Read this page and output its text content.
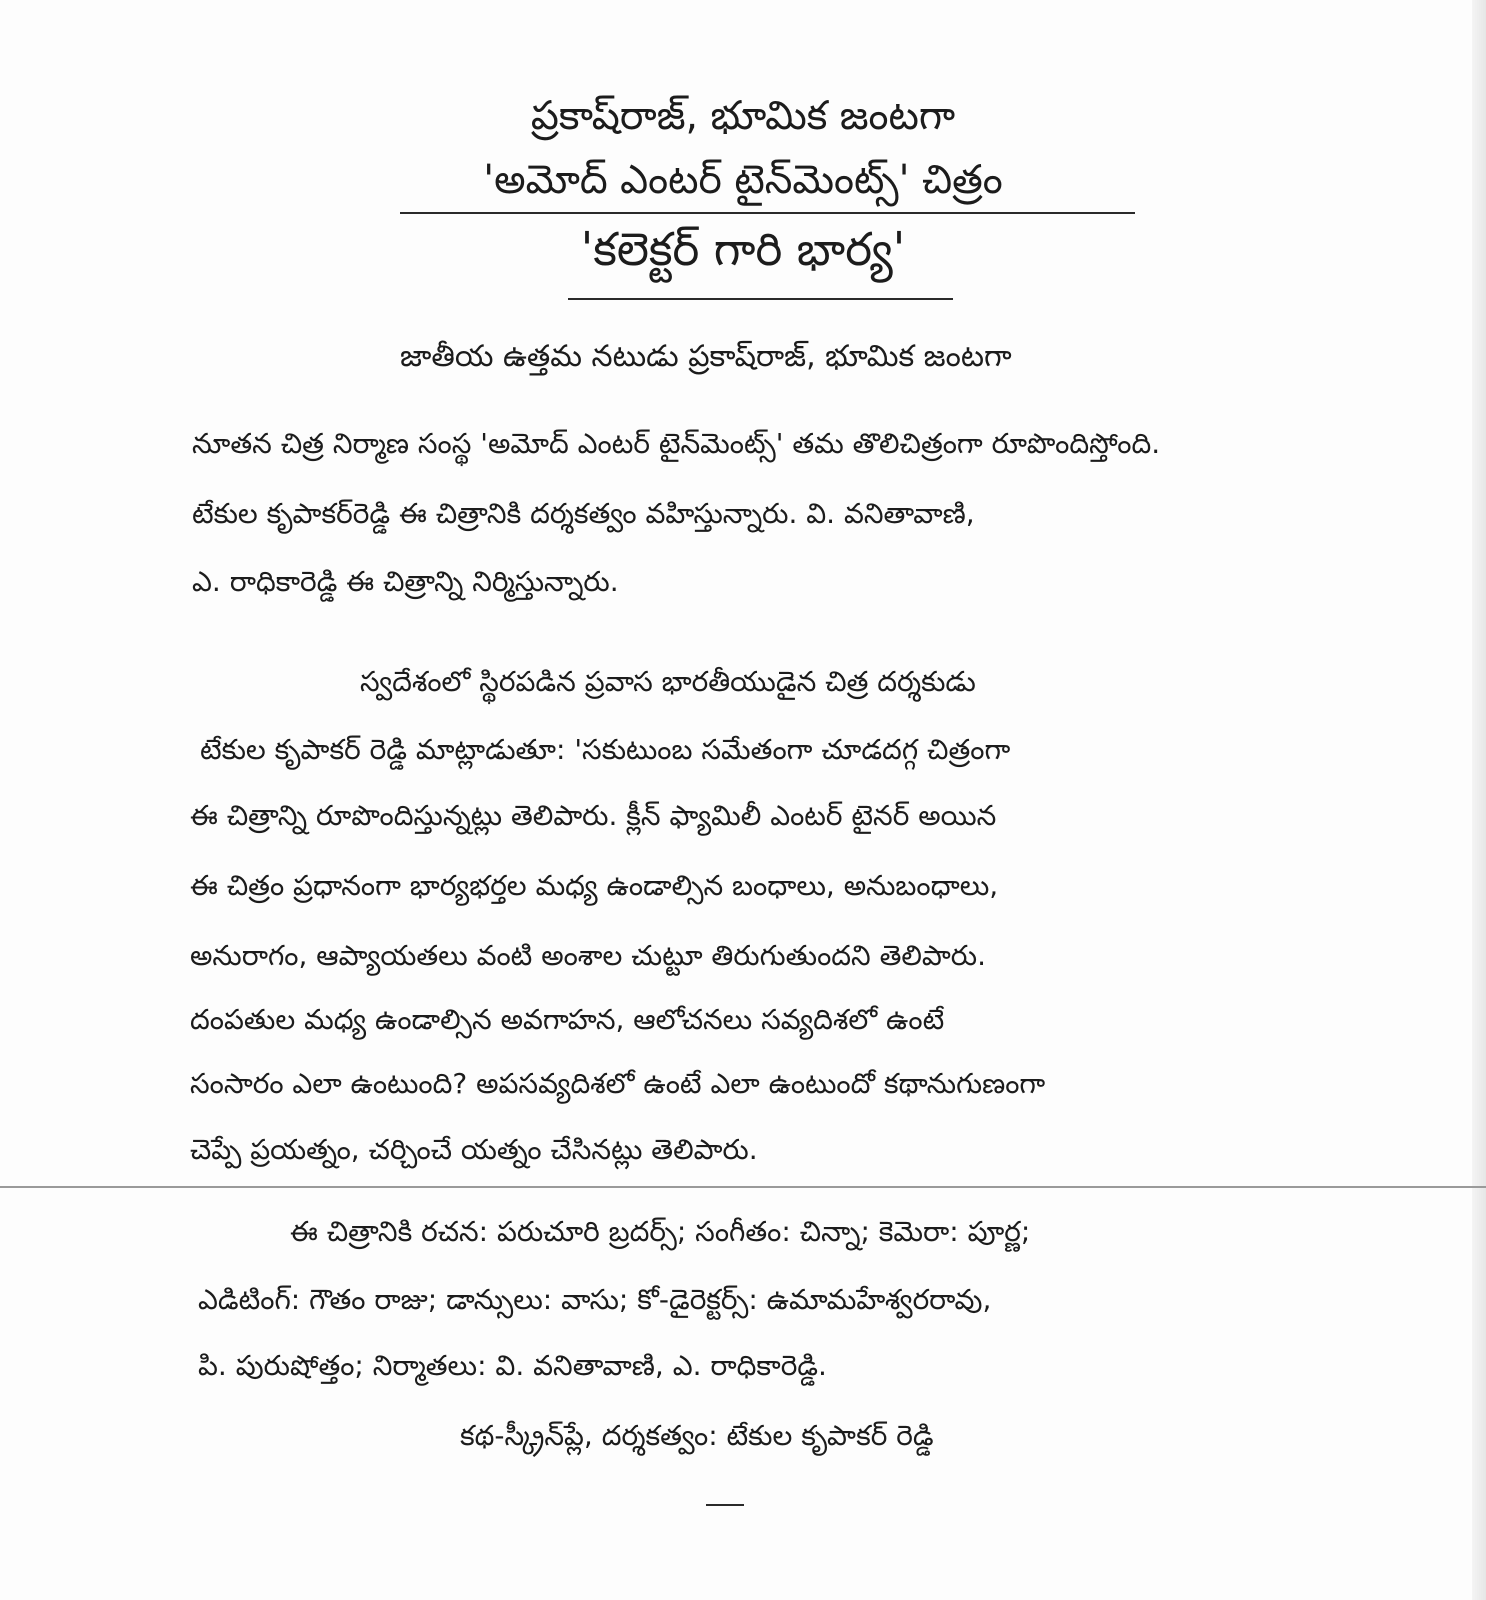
ప్రకాష్‌రాజ్‌, భూమిక జంటగా
'అమోద్ ఎంటర్ టైన్‌మెంట్స్' చిత్రం
'కలెక్టర్ గారి భార్య'
జాతీయ ఉత్తమ నటుడు ప్రకాష్‌రాజ్‌, భూమిక జంటగా
నూతన చిత్ర నిర్మాణ సంస్థ 'అమోద్ ఎంటర్ టైన్‌మెంట్స్' తమ తొలిచిత్రంగా రూపొందిస్తోంది.
టేకుల కృపాకర్‌రెడ్డి ఈ చిత్రానికి దర్శకత్వం వహిస్తున్నారు. వి. వనితావాణి,
ఎ. రాధికారెడ్డి ఈ చిత్రాన్ని నిర్మిస్తున్నారు.
స్వదేశంలో స్థిరపడిన ప్రవాస భారతీయుడైన చిత్ర దర్శకుడు
టేకుల కృపాకర్ రెడ్డి మాట్లాడుతూ: 'సకుటుంబ సమేతంగా చూడదగ్గ చిత్రంగా
ఈ చిత్రాన్ని రూపొందిస్తున్నట్లు తెలిపారు. క్లీన్ ఫ్యామిలీ ఎంటర్ టైనర్ అయిన
ఈ చిత్రం ప్రధానంగా భార్యభర్తల మధ్య ఉండాల్సిన బంధాలు, అనుబంధాలు,
అనురాగం, ఆప్యాయతలు వంటి అంశాల చుట్టూ తిరుగుతుందని తెలిపారు.
దంపతుల మధ్య ఉండాల్సిన అవగాహన, ఆలోచనలు సవ్యదిశలో ఉంటే
సంసారం ఎలా ఉంటుంది? అపసవ్యదిశలో ఉంటే ఎలా ఉంటుందో కథానుగుణంగా
చెప్పే ప్రయత్నం, చర్చించే యత్నం చేసినట్లు తెలిపారు.
ఈ చిత్రానికి రచన: పరుచూరి బ్రదర్స్; సంగీతం: చిన్నా; కెమెరా: పూర్ణ;
ఎడిటింగ్: గౌతం రాజు; డాన్సులు: వాసు; కో-డైరెక్టర్స్: ఉమామహేశ్వరరావు,
పి. పురుషోత్తం; నిర్మాతలు: వి. వనితావాణి, ఎ. రాధికారెడ్డి.
కథ-స్క్రీన్‌ప్లే, దర్శకత్వం: టేకుల కృపాకర్ రెడ్డి
